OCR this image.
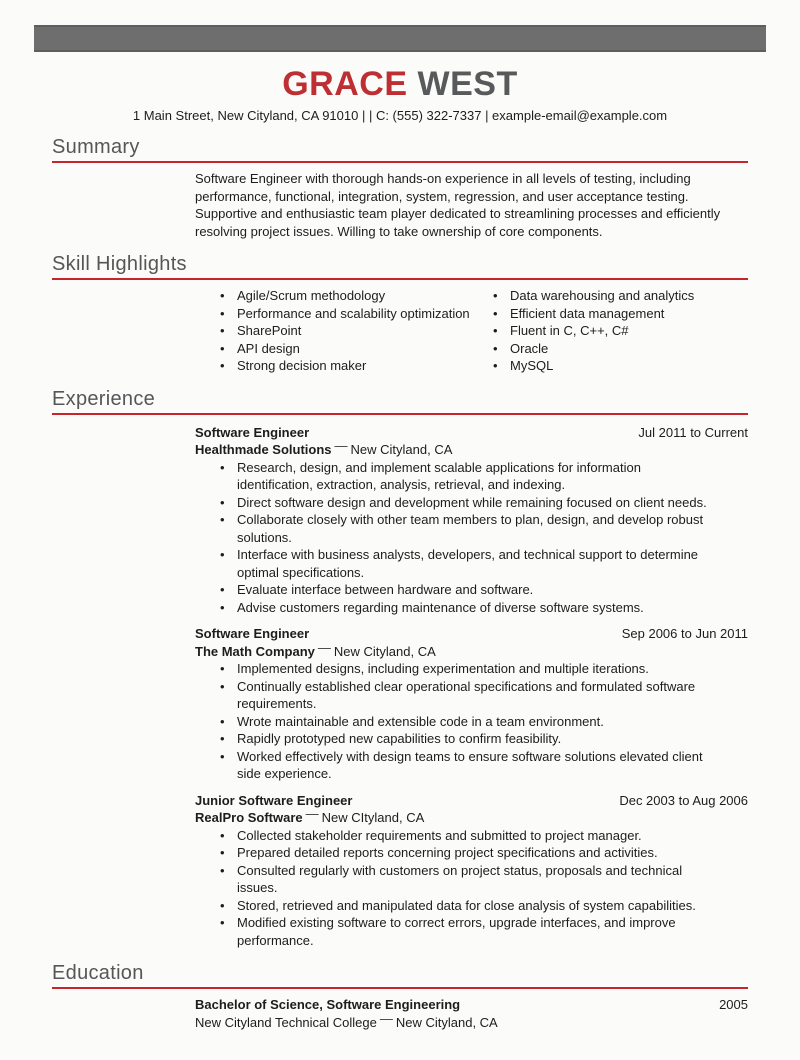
GRACE WEST
1 Main Street, New Cityland, CA 91010 | | C: (555) 322-7337 | example-email@example.com
Summary

Software Engineer with thorough hands-on experience in all levels of testing, including performance, functional, integration, system, regression, and user acceptance testing. Supportive and enthusiastic team player dedicated to streamlining processes and efficiently resolving project issues. Willing to take ownership of core components.

Skill Highlights
• Agile/Scrum methodology
• Performance and scalability optimization
• SharePoint
• API design
• Strong decision maker
• Data warehousing and analytics
• Efficient data management
• Fluent in C, C++, C#
• Oracle
• MySQL
Experience
Software Engineer	Jul 2011 to Current
Healthmade Solutions — New Cityland, CA
• Research, design, and implement scalable applications for information identification, extraction, analysis, retrieval, and indexing.
• Direct software design and development while remaining focused on client needs.
• Collaborate closely with other team members to plan, design, and develop robust solutions.
• Interface with business analysts, developers, and technical support to determine optimal specifications.
• Evaluate interface between hardware and software.
• Advise customers regarding maintenance of diverse software systems.
Software Engineer	Sep 2006 to Jun 2011
The Math Company — New Cityland, CA
• Implemented designs, including experimentation and multiple iterations.
• Continually established clear operational specifications and formulated software requirements.
• Wrote maintainable and extensible code in a team environment.
• Rapidly prototyped new capabilities to confirm feasibility.
• Worked effectively with design teams to ensure software solutions elevated client side experience.
Junior Software Engineer	Dec 2003 to Aug 2006
RealPro Software — New CItyland, CA
• Collected stakeholder requirements and submitted to project manager.
• Prepared detailed reports concerning project specifications and activities.
• Consulted regularly with customers on project status, proposals and technical issues.
• Stored, retrieved and manipulated data for close analysis of system capabilities.
• Modified existing software to correct errors, upgrade interfaces, and improve performance.
Education
Bachelor of Science, Software Engineering	2005
New Cityland Technical College — New Cityland, CA
